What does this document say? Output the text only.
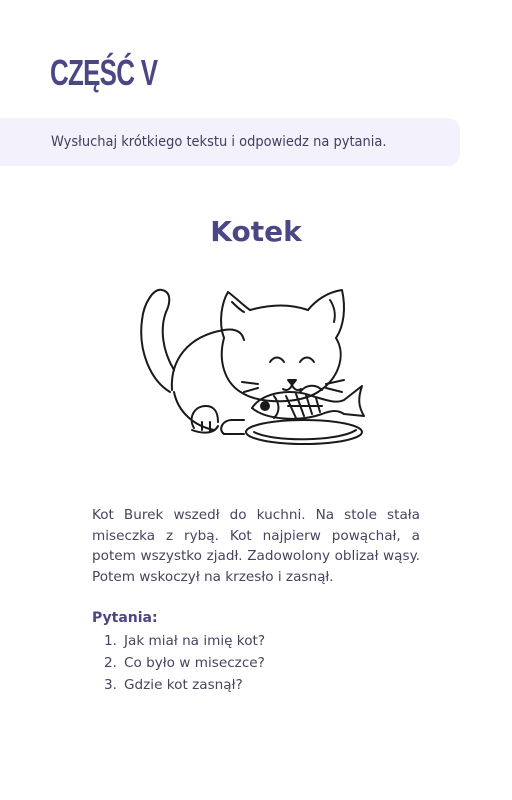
CZĘŚĆ V
Wysłuchaj krótkiego tekstu i odpowiedz na pytania.
Kotek

Kot Burek wszedł do kuchni. Na stole stała miseczka z rybą. Kot najpierw powąchał, a potem wszystko zjadł. Zadowolony oblizał wąsy. Potem wskoczył na krzesło i zasnął.

Pytania:
1. Jak miał na imię kot?
2. Co było w miseczce?
3. Gdzie kot zasnął?
